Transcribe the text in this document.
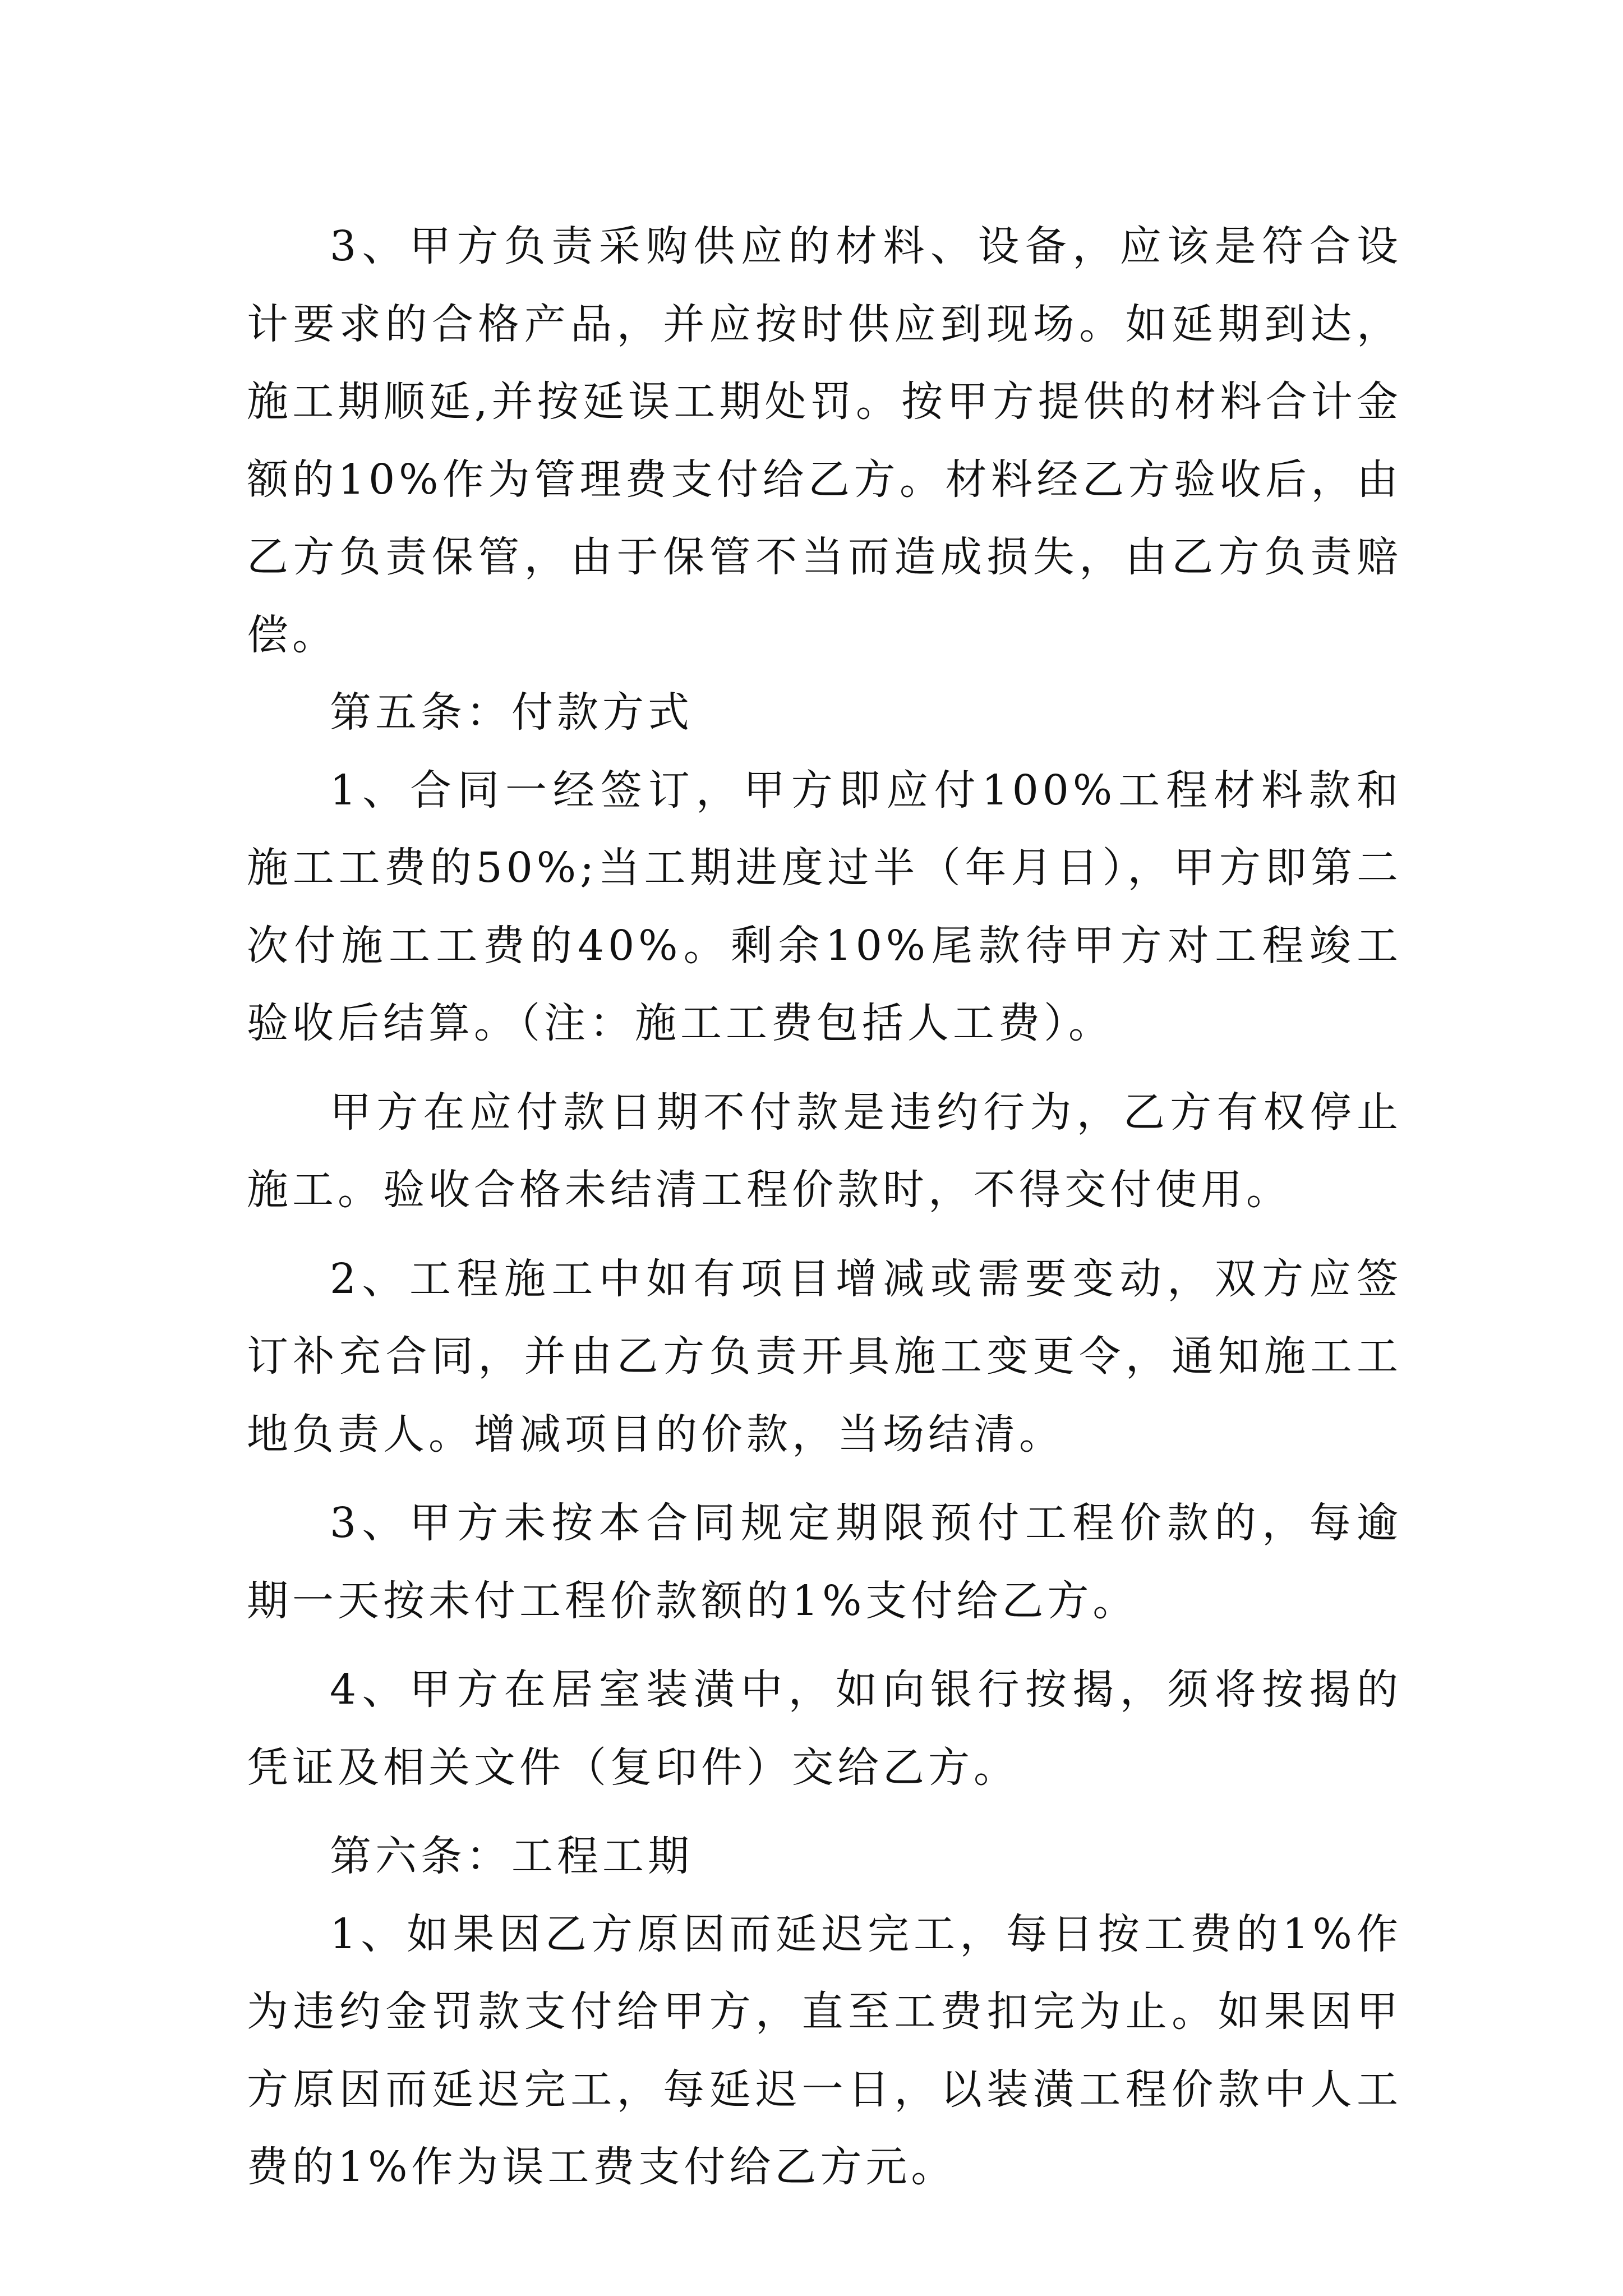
3、甲方负责采购供应的材料、设备，应该是符合设计要求的合格产品，并应按时供应到现场。如延期到达，施工期顺延,并按延误工期处罚。按甲方提供的材料合计金额的10%作为管理费支付给乙方。材料经乙方验收后，由乙方负责保管，由于保管不当而造成损失，由乙方负责赔偿。

第五条：付款方式

1、合同一经签订，甲方即应付100%工程材料款和施工工费的50%;当工期进度过半（年月日），甲方即第二次付施工工费的40%。剩余10%尾款待甲方对工程竣工验收后结算。（注：施工工费包括人工费）。

甲方在应付款日期不付款是违约行为，乙方有权停止施工。验收合格未结清工程价款时，不得交付使用。

2、工程施工中如有项目增减或需要变动，双方应签订补充合同，并由乙方负责开具施工变更令，通知施工工地负责人。增减项目的价款，当场结清。

3、甲方未按本合同规定期限预付工程价款的，每逾期一天按未付工程价款额的1%支付给乙方。

4、甲方在居室装潢中，如向银行按揭，须将按揭的凭证及相关文件（复印件）交给乙方。

第六条：工程工期

1、如果因乙方原因而延迟完工，每日按工费的1%作为违约金罚款支付给甲方，直至工费扣完为止。如果因甲方原因而延迟完工，每延迟一日，以装潢工程价款中人工费的1%作为误工费支付给乙方元。
